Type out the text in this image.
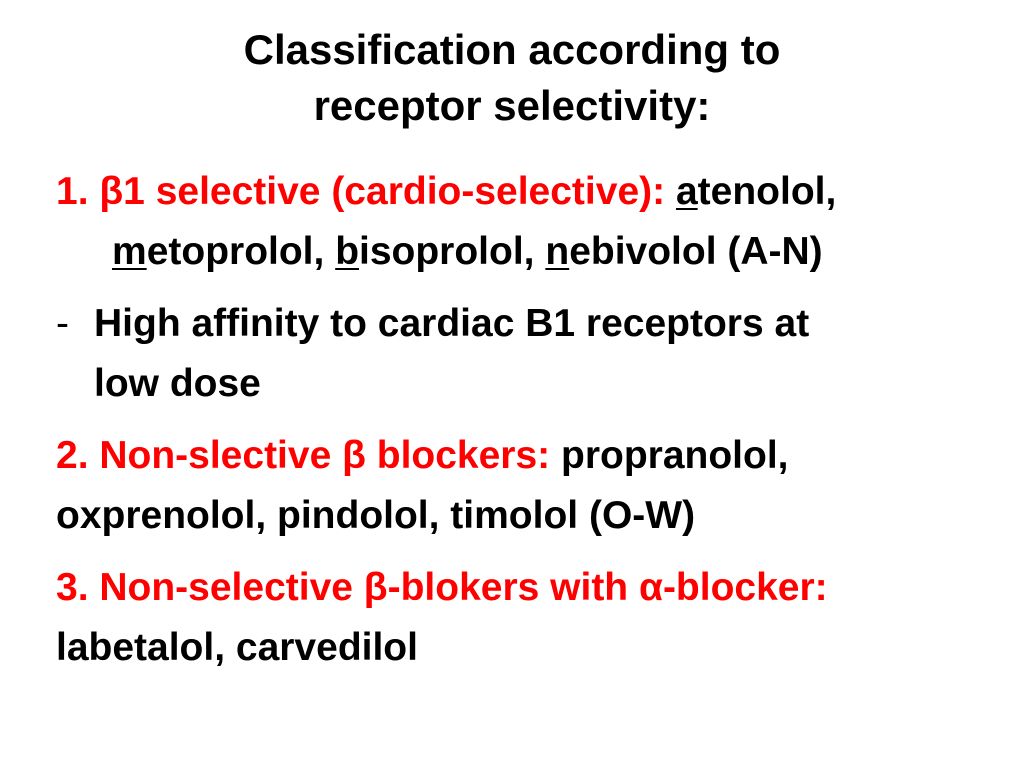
Classification according to
receptor selectivity:
1. β1 selective (cardio-selective): atenolol,
metoprolol, bisoprolol, nebivolol (A-N)
- High affinity to cardiac B1 receptors at
low dose
2. Non-slective β blockers: propranolol,
oxprenolol, pindolol, timolol (O-W)
3. Non-selective β-blokers with α-blocker:
labetalol, carvedilol
